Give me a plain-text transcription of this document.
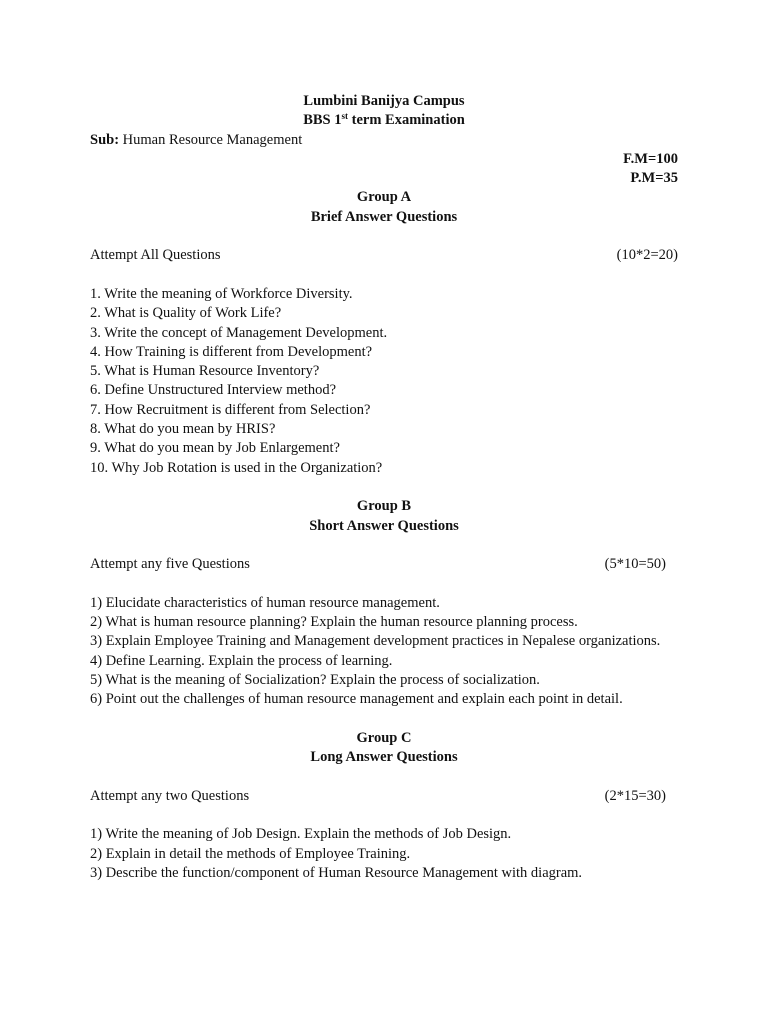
Lumbini Banijya Campus
BBS 1st term Examination
Sub: Human Resource Management
F.M=100
P.M=35
Group A
Brief Answer Questions
Attempt All Questions	(10*2=20)
1. Write the meaning of Workforce Diversity.
2. What is Quality of Work Life?
3. Write the concept of Management Development.
4. How Training is different from Development?
5. What is Human Resource Inventory?
6. Define Unstructured Interview method?
7. How Recruitment is different from Selection?
8. What do you mean by HRIS?
9. What do you mean by Job Enlargement?
10. Why Job Rotation is used in the Organization?
Group B
Short Answer Questions
Attempt any five Questions	(5*10=50)
1) Elucidate characteristics of human resource management.
2) What is human resource planning? Explain the human resource planning process.
3) Explain Employee Training and Management development practices in Nepalese organizations.
4) Define Learning. Explain the process of learning.
5) What is the meaning of Socialization? Explain the process of socialization.
6) Point out the challenges of human resource management and explain each point in detail.
Group C
Long Answer Questions
Attempt any two Questions	(2*15=30)
1) Write the meaning of Job Design. Explain the methods of Job Design.
2) Explain in detail the methods of Employee Training.
3) Describe the function/component of Human Resource Management with diagram.
